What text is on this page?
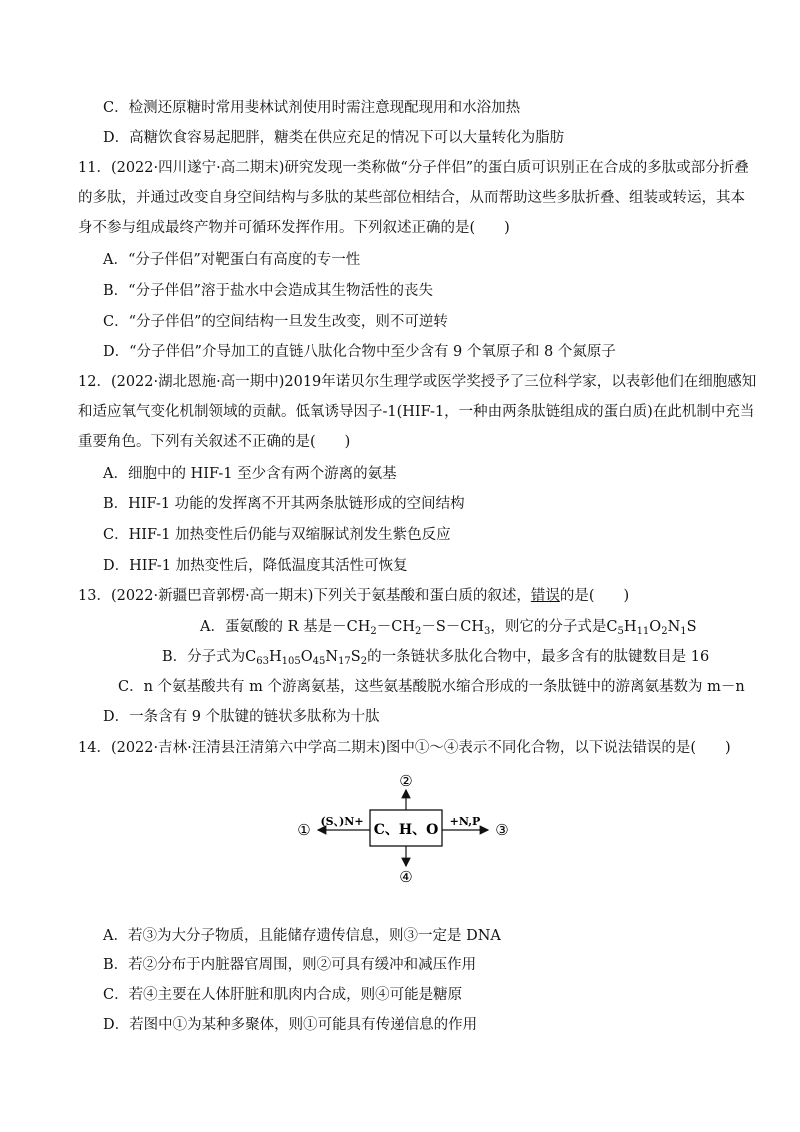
C．检测还原糖时常用斐林试剂使用时需注意现配现用和水浴加热
D．高糖饮食容易起肥胖，糖类在供应充足的情况下可以大量转化为脂肪
11．(2022·四川遂宁·高二期末)研究发现一类称做“分子伴侣”的蛋白质可识别正在合成的多肽或部分折叠
的多肽，并通过改变自身空间结构与多肽的某些部位相结合，从而帮助这些多肽折叠、组装或转运，其本
身不参与组成最终产物并可循环发挥作用。下列叙述正确的是(　　)
A．“分子伴侣”对靶蛋白有高度的专一性
B．“分子伴侣”溶于盐水中会造成其生物活性的丧失
C．“分子伴侣”的空间结构一旦发生改变，则不可逆转
D．“分子伴侣”介导加工的直链八肽化合物中至少含有 9 个氧原子和 8 个氮原子
12．(2022·湖北恩施·高一期中)2019年诺贝尔生理学或医学奖授予了三位科学家，以表彰他们在细胞感知
和适应氧气变化机制领域的贡献。低氧诱导因子-1(HIF-1，一种由两条肽链组成的蛋白质)在此机制中充当
重要角色。下列有关叙述不正确的是(　　)
A．细胞中的 HIF-1 至少含有两个游离的氨基
B．HIF-1 功能的发挥离不开其两条肽链形成的空间结构
C．HIF-1 加热变性后仍能与双缩脲试剂发生紫色反应
D．HIF-1 加热变性后，降低温度其活性可恢复
13．(2022·新疆巴音郭楞·高一期末)下列关于氨基酸和蛋白质的叙述，错误的是(　　)
A．蛋氨酸的 R 基是$-CH_2-CH_2-S-CH_3$，则它的分子式是$C_5H_{11}O_2N_1S$
B．分子式为$C_{63}H_{105}O_{45}N_{17}S_2$的一条链状多肽化合物中，最多含有的肽键数目是 16
C．n 个氨基酸共有 m 个游离氨基，这些氨基酸脱水缩合形成的一条肽链中的游离氨基数为 m－n
D．一条含有 9 个肽键的链状多肽称为十肽
14．(2022·吉林·汪清县汪清第六中学高二期末)图中①～④表示不同化合物，以下说法错误的是(　　)
C、H、O
②
④
(S、)N+
①	+N,P ③
A．若③为大分子物质，且能储存遗传信息，则③一定是 DNA
B．若②分布于内脏器官周围，则②可具有缓冲和减压作用
C．若④主要在人体肝脏和肌肉内合成，则④可能是糖原
D．若图中①为某种多聚体，则①可能具有传递信息的作用
